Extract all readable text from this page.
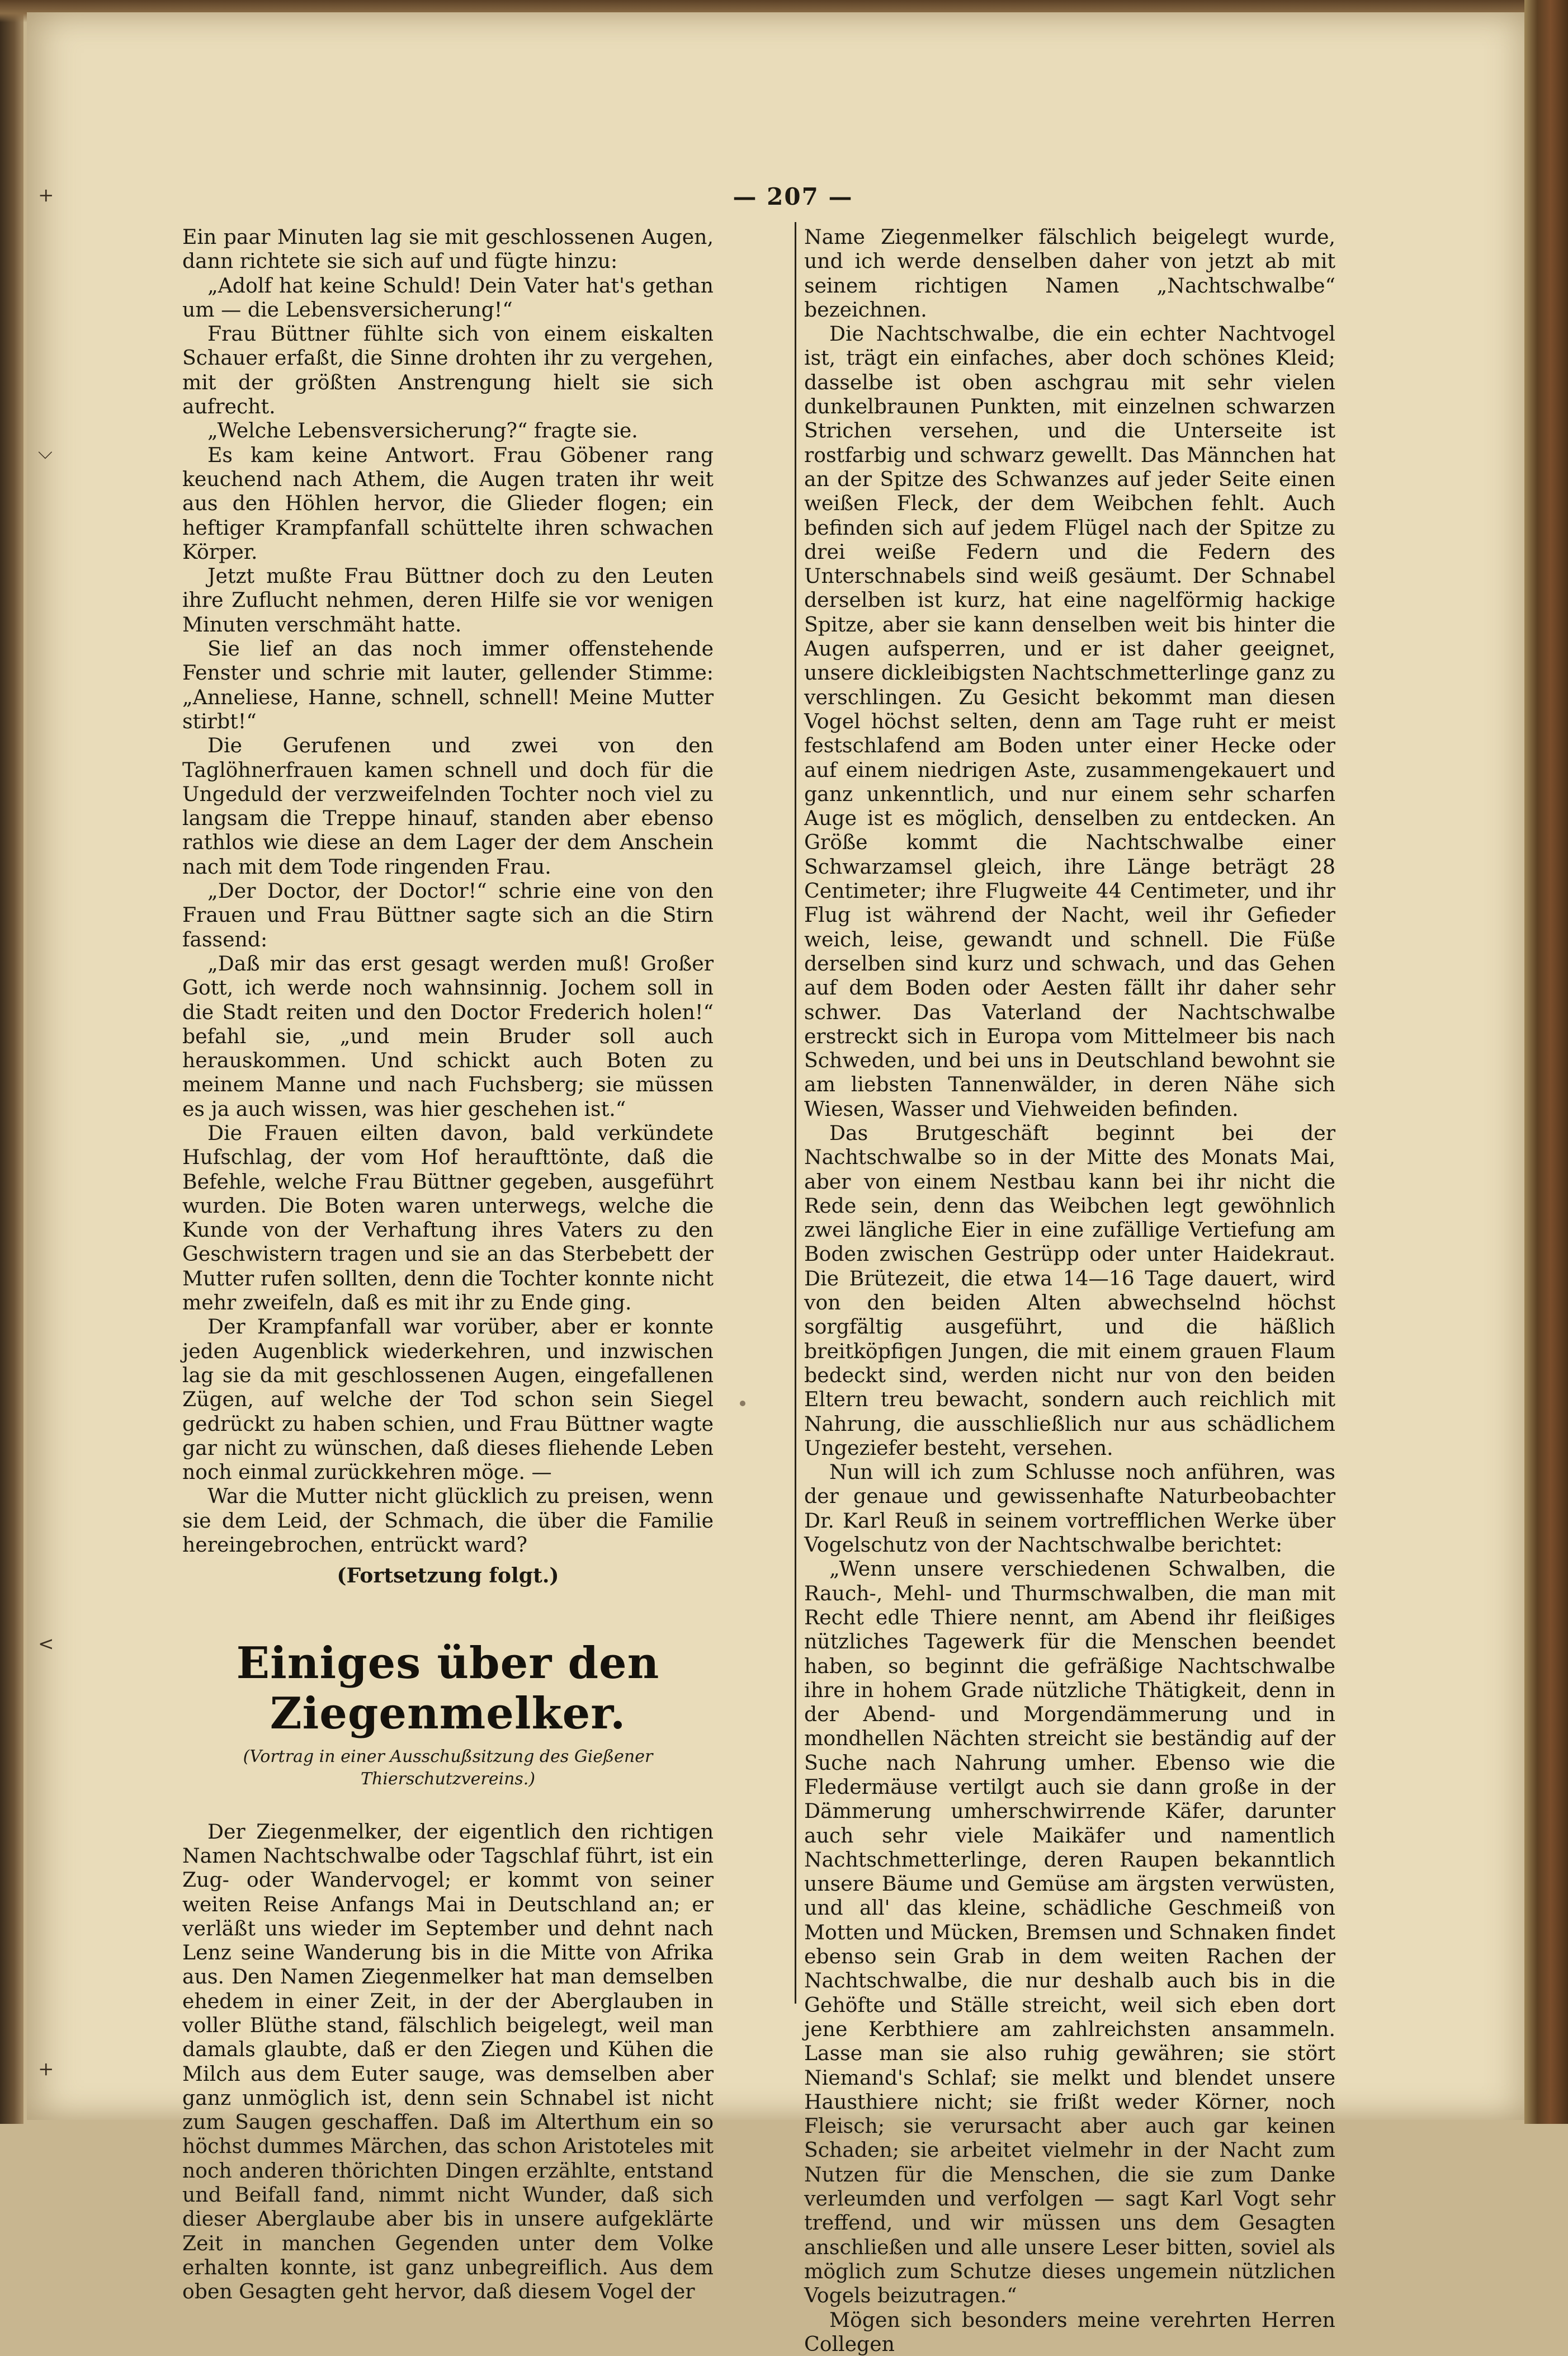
— 207 —
+
⌵
<
+

Ein paar Minuten lag sie mit geschlossenen Augen, dann richtete sie sich auf und fügte hinzu:

„Adolf hat keine Schuld! Dein Vater hat's gethan um — die Lebensversicherung!“

Frau Büttner fühlte sich von einem eiskalten Schauer erfaßt, die Sinne drohten ihr zu vergehen, mit der größten Anstrengung hielt sie sich aufrecht.

„Welche Lebensversicherung?“ fragte sie.

Es kam keine Antwort. Frau Göbener rang keuchend nach Athem, die Augen traten ihr weit aus den Höhlen hervor, die Glieder flogen; ein heftiger Krampfanfall schüttelte ihren schwachen Körper.

Jetzt mußte Frau Büttner doch zu den Leuten ihre Zuflucht nehmen, deren Hilfe sie vor wenigen Minuten verschmäht hatte.

Sie lief an das noch immer offenstehende Fenster und schrie mit lauter, gellender Stimme: „Anneliese, Hanne, schnell, schnell! Meine Mutter stirbt!“

Die Gerufenen und zwei von den Taglöhnerfrauen kamen schnell und doch für die Ungeduld der verzweifelnden Tochter noch viel zu langsam die Treppe hinauf, standen aber ebenso rathlos wie diese an dem Lager der dem Anschein nach mit dem Tode ringenden Frau.

„Der Doctor, der Doctor!“ schrie eine von den Frauen und Frau Büttner sagte sich an die Stirn fassend:

„Daß mir das erst gesagt werden muß! Großer Gott, ich werde noch wahnsinnig. Jochem soll in die Stadt reiten und den Doctor Frederich holen!“ befahl sie, „und mein Bruder soll auch herauskommen. Und schickt auch Boten zu meinem Manne und nach Fuchsberg; sie müssen es ja auch wissen, was hier geschehen ist.“

Die Frauen eilten davon, bald verkündete Hufschlag, der vom Hof heraufttönte, daß die Befehle, welche Frau Büttner gegeben, ausgeführt wurden. Die Boten waren unterwegs, welche die Kunde von der Verhaftung ihres Vaters zu den Geschwistern tragen und sie an das Sterbebett der Mutter rufen sollten, denn die Tochter konnte nicht mehr zweifeln, daß es mit ihr zu Ende ging.

Der Krampfanfall war vorüber, aber er konnte jeden Augenblick wiederkehren, und inzwischen lag sie da mit geschlossenen Augen, eingefallenen Zügen, auf welche der Tod schon sein Siegel gedrückt zu haben schien, und Frau Büttner wagte gar nicht zu wünschen, daß dieses fliehende Leben noch einmal zurückkehren möge. —

War die Mutter nicht glücklich zu preisen, wenn sie dem Leid, der Schmach, die über die Familie hereingebrochen, entrückt ward?

(Fortsetzung folgt.)
Einiges über den Ziegenmelker.
(Vortrag in einer Ausschußsitzung des Gießener Thierschutzvereins.)

Der Ziegenmelker, der eigentlich den richtigen Namen Nachtschwalbe oder Tagschlaf führt, ist ein Zug- oder Wandervogel; er kommt von seiner weiten Reise Anfangs Mai in Deutschland an; er verläßt uns wieder im September und dehnt nach Lenz seine Wanderung bis in die Mitte von Afrika aus. Den Namen Ziegenmelker hat man demselben ehedem in einer Zeit, in der der Aberglauben in voller Blüthe stand, fälschlich beigelegt, weil man damals glaubte, daß er den Ziegen und Kühen die Milch aus dem Euter sauge, was demselben aber ganz unmöglich ist, denn sein Schnabel ist nicht zum Saugen geschaffen. Daß im Alterthum ein so höchst dummes Märchen, das schon Aristoteles mit noch anderen thörichten Dingen erzählte, entstand und Beifall fand, nimmt nicht Wunder, daß sich dieser Aberglaube aber bis in unsere aufgeklärte Zeit in manchen Gegenden unter dem Volke erhalten konnte, ist ganz unbegreiflich. Aus dem oben Gesagten geht hervor, daß diesem Vogel der

Name Ziegenmelker fälschlich beigelegt wurde, und ich werde denselben daher von jetzt ab mit seinem richtigen Namen „Nachtschwalbe“ bezeichnen.

Die Nachtschwalbe, die ein echter Nachtvogel ist, trägt ein einfaches, aber doch schönes Kleid; dasselbe ist oben aschgrau mit sehr vielen dunkelbraunen Punkten, mit einzelnen schwarzen Strichen versehen, und die Unterseite ist rostfarbig und schwarz gewellt. Das Männchen hat an der Spitze des Schwanzes auf jeder Seite einen weißen Fleck, der dem Weibchen fehlt. Auch befinden sich auf jedem Flügel nach der Spitze zu drei weiße Federn und die Federn des Unterschnabels sind weiß gesäumt. Der Schnabel derselben ist kurz, hat eine nagelförmig hackige Spitze, aber sie kann denselben weit bis hinter die Augen aufsperren, und er ist daher geeignet, unsere dickleibigsten Nachtschmetterlinge ganz zu verschlingen. Zu Gesicht bekommt man diesen Vogel höchst selten, denn am Tage ruht er meist festschlafend am Boden unter einer Hecke oder auf einem niedrigen Aste, zusammengekauert und ganz unkenntlich, und nur einem sehr scharfen Auge ist es möglich, denselben zu entdecken. An Größe kommt die Nachtschwalbe einer Schwarzamsel gleich, ihre Länge beträgt 28 Centimeter; ihre Flugweite 44 Centimeter, und ihr Flug ist während der Nacht, weil ihr Gefieder weich, leise, gewandt und schnell. Die Füße derselben sind kurz und schwach, und das Gehen auf dem Boden oder Aesten fällt ihr daher sehr schwer. Das Vaterland der Nachtschwalbe erstreckt sich in Europa vom Mittelmeer bis nach Schweden, und bei uns in Deutschland bewohnt sie am liebsten Tannenwälder, in deren Nähe sich Wiesen, Wasser und Viehweiden befinden.

Das Brutgeschäft beginnt bei der Nachtschwalbe so in der Mitte des Monats Mai, aber von einem Nestbau kann bei ihr nicht die Rede sein, denn das Weibchen legt gewöhnlich zwei längliche Eier in eine zufällige Vertiefung am Boden zwischen Gestrüpp oder unter Haidekraut. Die Brütezeit, die etwa 14—16 Tage dauert, wird von den beiden Alten abwechselnd höchst sorgfältig ausgeführt, und die häßlich breitköpfigen Jungen, die mit einem grauen Flaum bedeckt sind, werden nicht nur von den beiden Eltern treu bewacht, sondern auch reichlich mit Nahrung, die ausschließlich nur aus schädlichem Ungeziefer besteht, versehen.

Nun will ich zum Schlusse noch anführen, was der genaue und gewissenhafte Naturbeobachter Dr. Karl Reuß in seinem vortrefflichen Werke über Vogelschutz von der Nachtschwalbe berichtet:

„Wenn unsere verschiedenen Schwalben, die Rauch-, Mehl- und Thurmschwalben, die man mit Recht edle Thiere nennt, am Abend ihr fleißiges nützliches Tagewerk für die Menschen beendet haben, so beginnt die gefräßige Nachtschwalbe ihre in hohem Grade nützliche Thätigkeit, denn in der Abend- und Morgendämmerung und in mondhellen Nächten streicht sie beständig auf der Suche nach Nahrung umher. Ebenso wie die Fledermäuse vertilgt auch sie dann große in der Dämmerung umherschwirrende Käfer, darunter auch sehr viele Maikäfer und namentlich Nachtschmetterlinge, deren Raupen bekanntlich unsere Bäume und Gemüse am ärgsten verwüsten, und all' das kleine, schädliche Geschmeiß von Motten und Mücken, Bremsen und Schnaken findet ebenso sein Grab in dem weiten Rachen der Nachtschwalbe, die nur deshalb auch bis in die Gehöfte und Ställe streicht, weil sich eben dort jene Kerbthiere am zahlreichsten ansammeln. Lasse man sie also ruhig gewähren; sie stört Niemand's Schlaf; sie melkt und blendet unsere Hausthiere nicht; sie frißt weder Körner, noch Fleisch; sie verursacht aber auch gar keinen Schaden; sie arbeitet vielmehr in der Nacht zum Nutzen für die Menschen, die sie zum Danke verleumden und verfolgen — sagt Karl Vogt sehr treffend, und wir müssen uns dem Gesagten anschließen und alle unsere Leser bitten, soviel als möglich zum Schutze dieses ungemein nützlichen Vogels beizutragen.“

Mögen sich besonders meine verehrten Herren Collegen
